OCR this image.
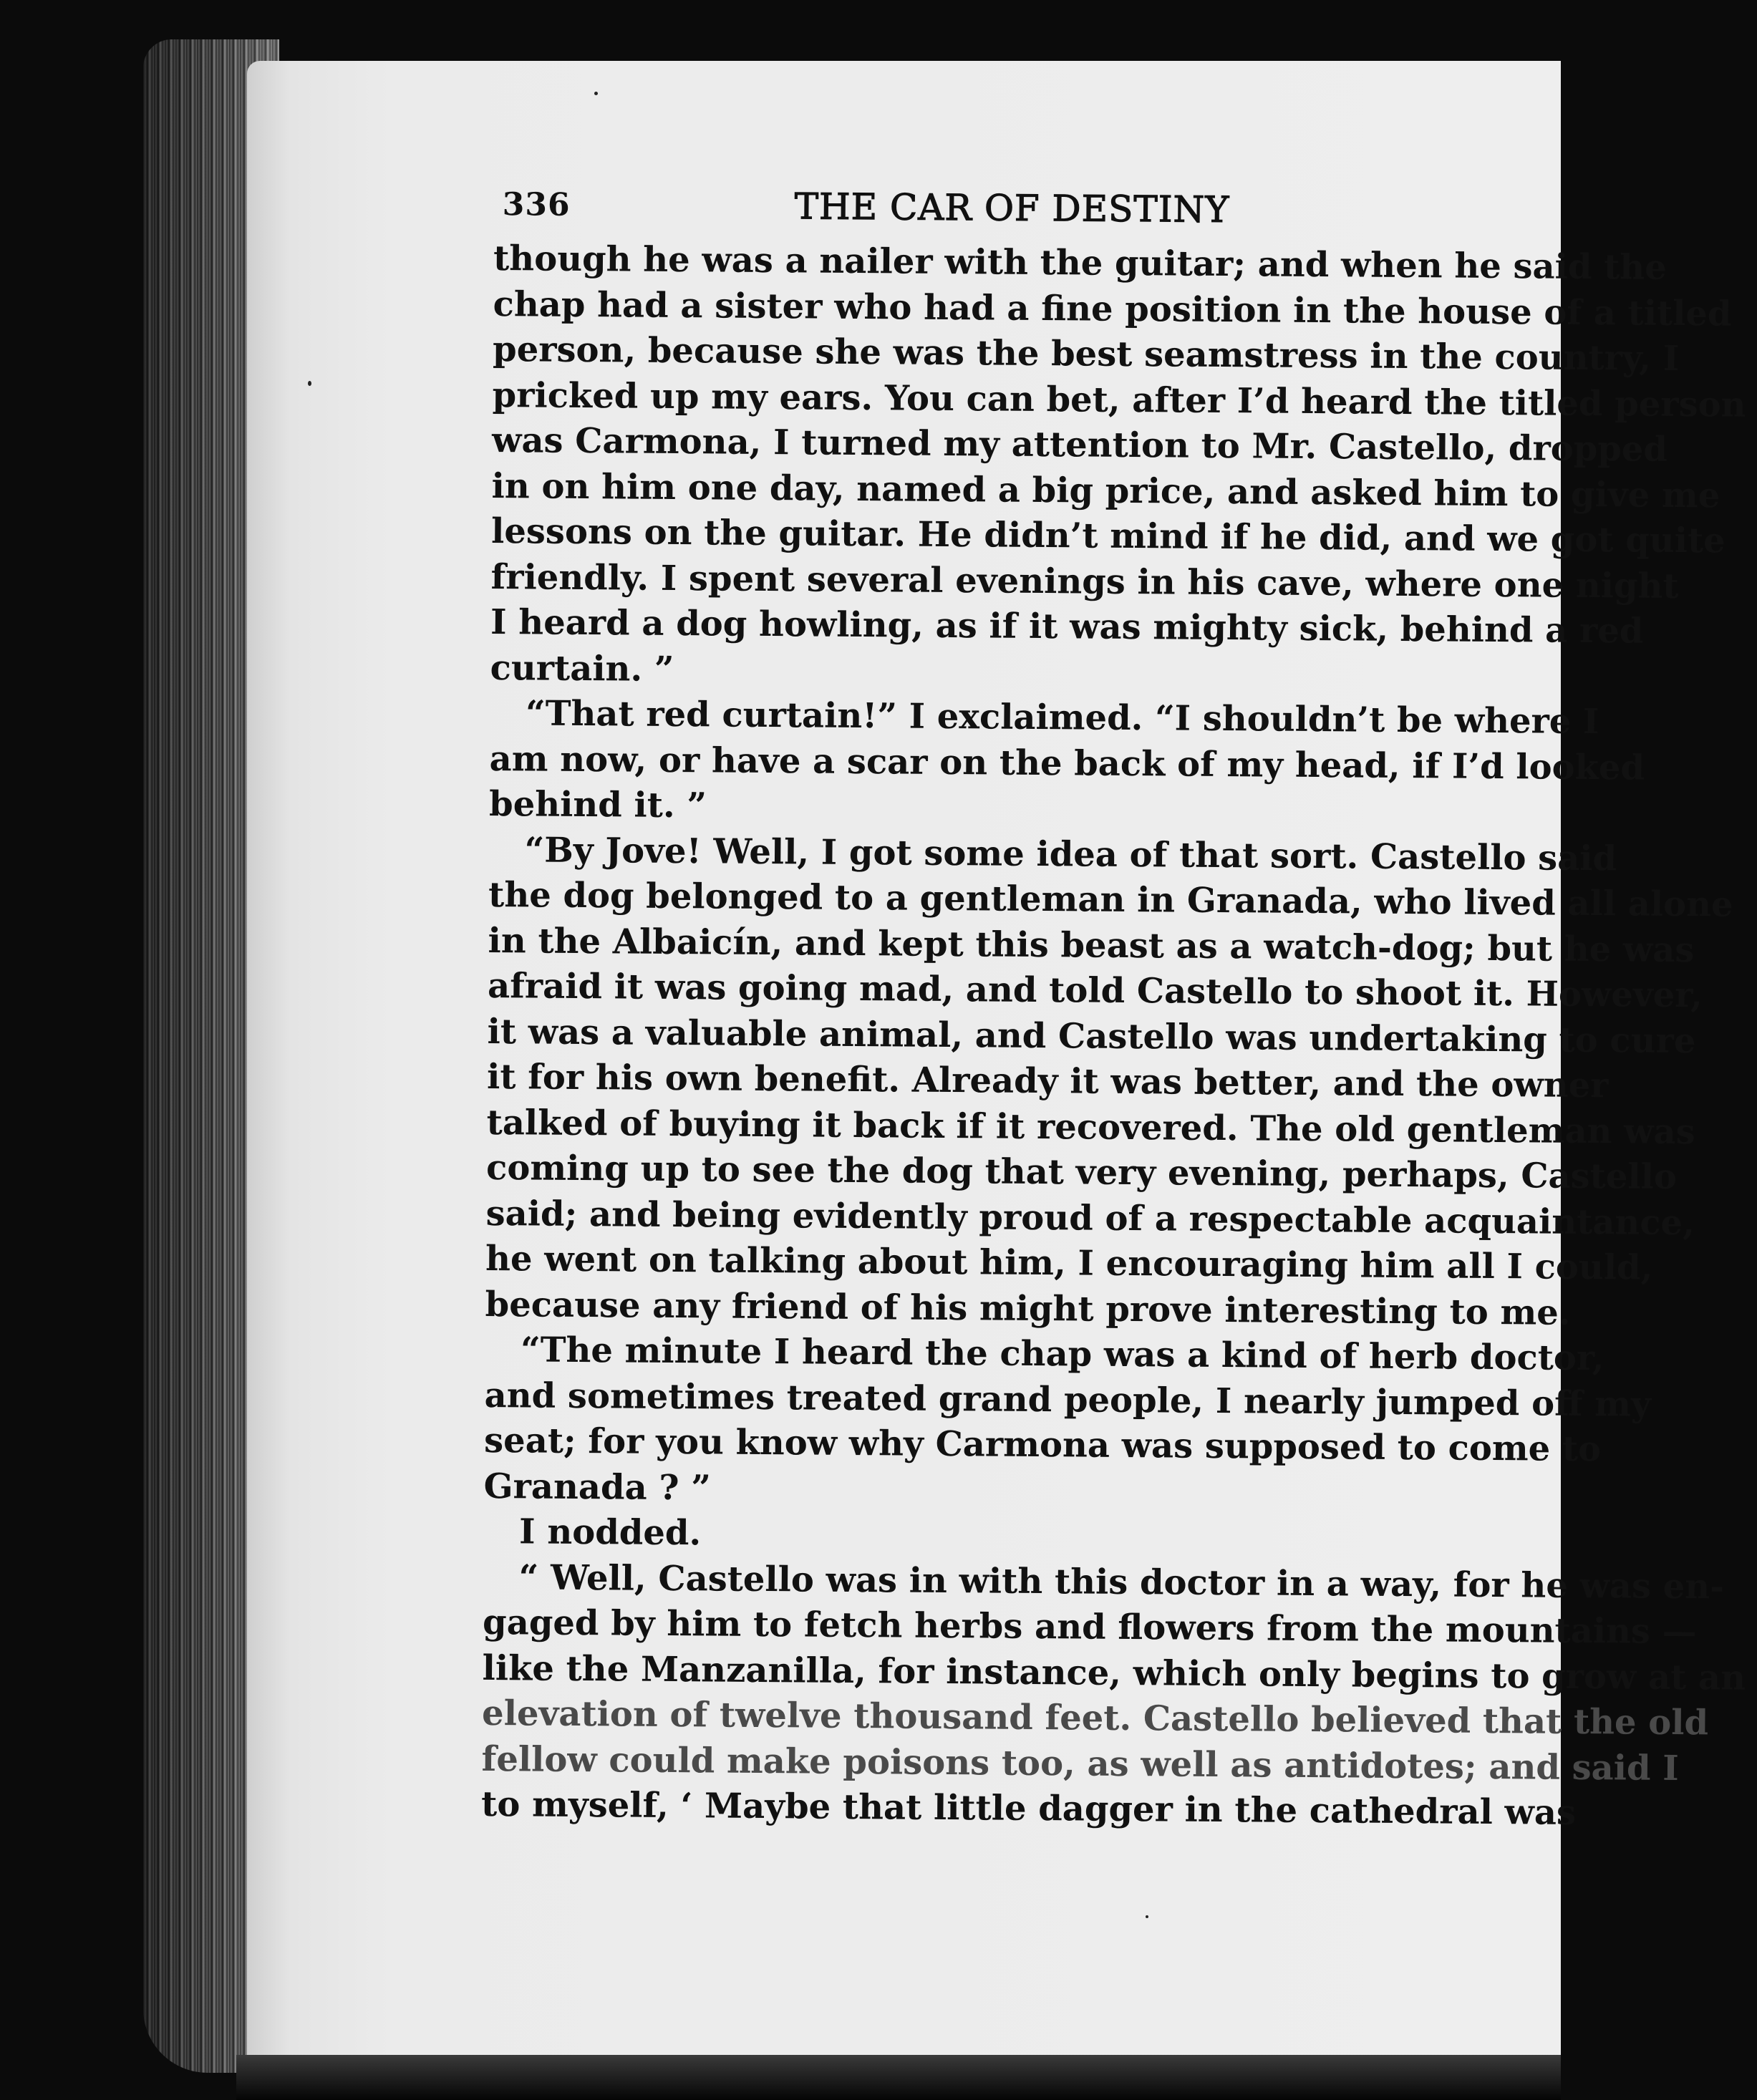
336	THE CAR OF DESTINY
though he was a nailer with the guitar; and when he said the
chap had a sister who had a fine position in the house of a titled
person, because she was the best seamstress in the country, I
pricked up my ears. You can bet, after I’d heard the titled person
was Carmona, I turned my attention to Mr. Castello, dropped
in on him one day, named a big price, and asked him to give me
lessons on the guitar. He didn’t mind if he did, and we got quite
friendly. I spent several evenings in his cave, where one night
I heard a dog howling, as if it was mighty sick, behind a red
curtain. ”
“That red curtain!” I exclaimed. “I shouldn’t be where I
am now, or have a scar on the back of my head, if I’d looked
behind it. ”
“By Jove! Well, I got some idea of that sort. Castello said
the dog belonged to a gentleman in Granada, who lived all alone
in the Albaicín, and kept this beast as a watch-dog; but he was
afraid it was going mad, and told Castello to shoot it. However,
it was a valuable animal, and Castello was undertaking to cure
it for his own benefit. Already it was better, and the owner
talked of buying it back if it recovered. The old gentleman was
coming up to see the dog that very evening, perhaps, Castello
said; and being evidently proud of a respectable acquaintance,
he went on talking about him, I encouraging him all I could,
because any friend of his might prove interesting to me.
“The minute I heard the chap was a kind of herb doctor,
and sometimes treated grand people, I nearly jumped off my
seat; for you know why Carmona was supposed to come to
Granada ? ”
I nodded.
“ Well, Castello was in with this doctor in a way, for he was en-
gaged by him to fetch herbs and flowers from the mountains —
like the Manzanilla, for instance, which only begins to grow at an
elevation of twelve thousand feet. Castello believed that the old
fellow could make poisons too, as well as antidotes; and said I
to myself, ‘ Maybe that little dagger in the cathedral was
